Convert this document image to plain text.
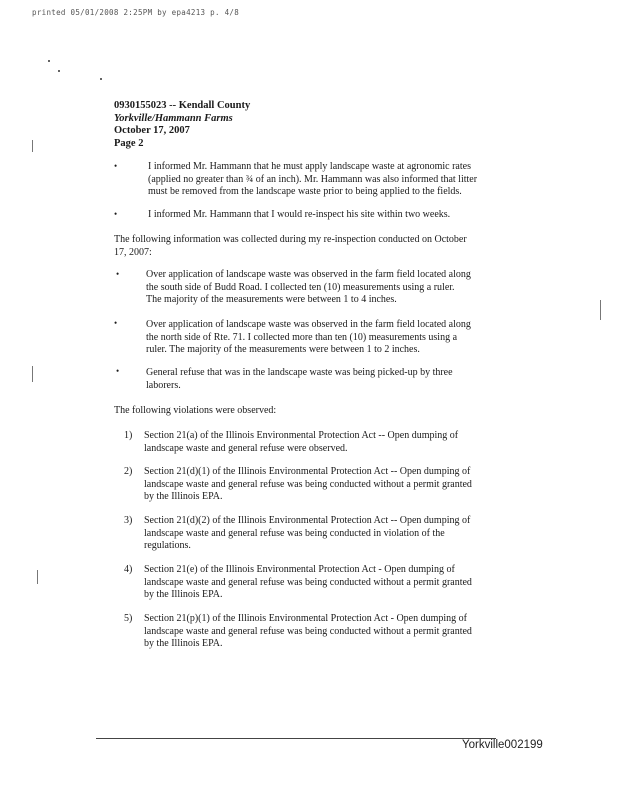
printed 05/01/2008 2:25PM by epa4213 p. 4/8
0930155023 -- Kendall County
Yorkville/Hammann Farms
October 17, 2007
Page 2
•	I informed Mr. Hammann that he must apply landscape waste at agronomic rates
(applied no greater than ¾ of an inch). Mr. Hammann was also informed that litter
must be removed from the landscape waste prior to being applied to the fields.
•	I informed Mr. Hammann that I would re-inspect his site within two weeks.
The following information was collected during my re-inspection conducted on October
17, 2007:
•	Over application of landscape waste was observed in the farm field located along
the south side of Budd Road. I collected ten (10) measurements using a ruler.
The majority of the measurements were between 1 to 4 inches.
•	Over application of landscape waste was observed in the farm field located along
the north side of Rte. 71. I collected more than ten (10) measurements using a
ruler. The majority of the measurements were between 1 to 2 inches.
•	General refuse that was in the landscape waste was being picked-up by three
laborers.
The following violations were observed:
1) Section 21(a) of the Illinois Environmental Protection Act -- Open dumping of
landscape waste and general refuse were observed.
2) Section 21(d)(1) of the Illinois Environmental Protection Act -- Open dumping of
landscape waste and general refuse was being conducted without a permit granted
by the Illinois EPA.
3) Section 21(d)(2) of the Illinois Environmental Protection Act -- Open dumping of
landscape waste and general refuse was being conducted in violation of the
regulations.
4) Section 21(e) of the Illinois Environmental Protection Act - Open dumping of
landscape waste and general refuse was being conducted without a permit granted
by the Illinois EPA.
5) Section 21(p)(1) of the Illinois Environmental Protection Act - Open dumping of
landscape waste and general refuse was being conducted without a permit granted
by the Illinois EPA.
Yorkville002199
